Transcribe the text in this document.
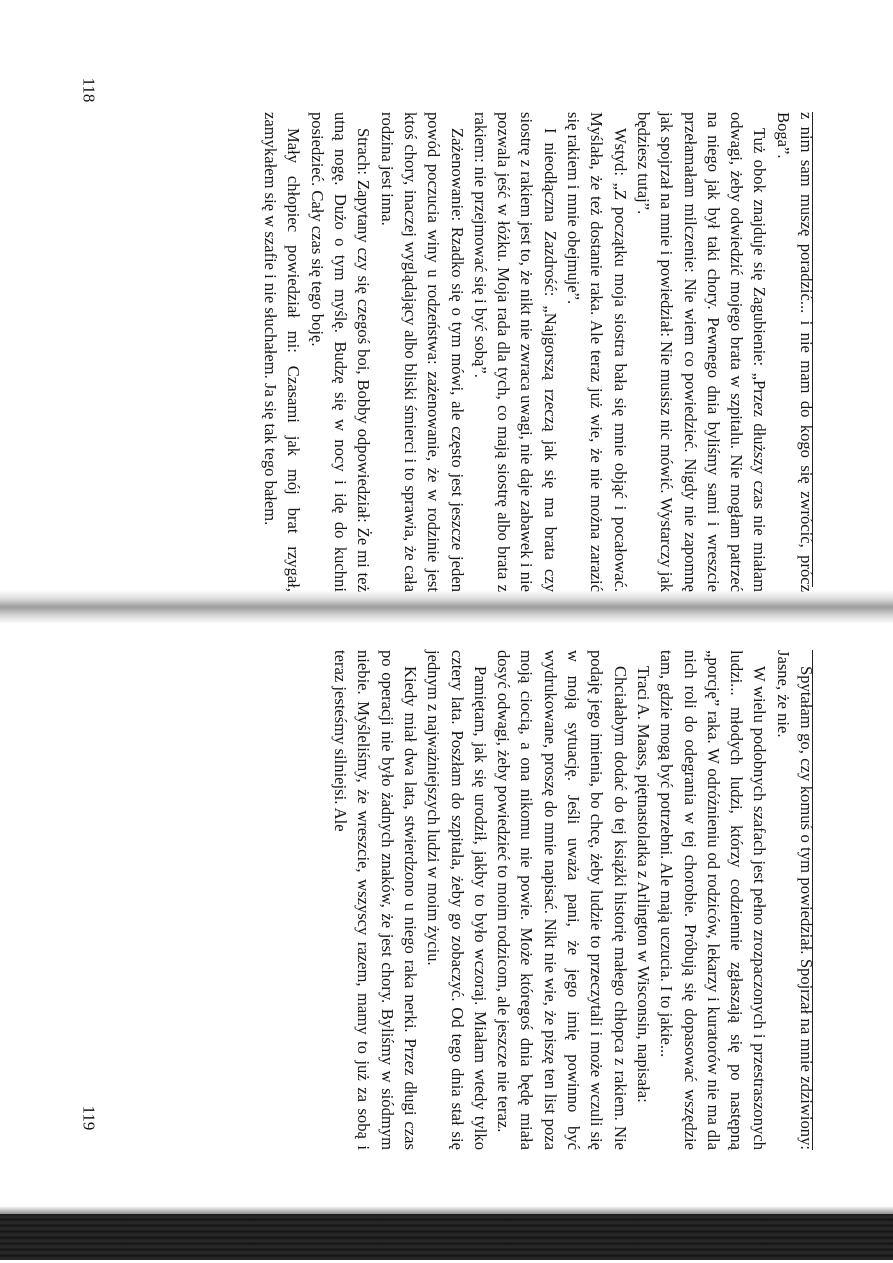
118

z nim sam muszę poradzić... i nie mam do kogo się zwrócić, prócz Boga”.

Tuż obok znajduje się Zagubienie: „Przez dłuższy czas nie miałam odwagi, żeby odwiedzić mojego brata w szpitalu. Nie mogłam patrzeć na niego jak był taki chory. Pewnego dnia byliśmy sami i wreszcie przełamałam milczenie: Nie wiem co powiedzieć. Nigdy nie zapomnę jak spojrzał na mnie i powiedział: Nie musisz nic mówić. Wystarczy jak będziesz tutaj”.

Wstyd: „Z początku moja siostra bała się mnie objąć i pocałować. Myślała, że też dostanie raka. Ale teraz już wie, że nie można zarazić się rakiem i mnie obejmuje”.

I nieodłączna Zazdrość: „Najgorszą rzeczą jak się ma brata czy siostrę z rakiem jest to, że nikt nie zwraca uwagi, nie daje zabawek i nie pozwala jeść w łóżku. Moja rada dla tych, co mają siostrę albo brata z rakiem: nie przejmować się i być sobą”.

Zażenowanie: Rzadko się o tym mówi, ale często jest jeszcze jeden powód poczucia winy u rodzeństwa: zażenowanie, że w rodzinie jest ktoś chory, inaczej wyglądający albo bliski śmierci i to sprawia, że cała rodzina jest inna.

Strach: Zapytany czy się czegoś boi, Bobby odpowiedział: Że mi też utną nogę. Dużo o tym myślę. Budzę się w nocy i idę do kuchni posiedzieć. Cały czas się tego boję.

Mały chłopiec powiedział mi: Czasami jak mój brat rzygał, zamykałem się w szafie i nie słuchałem. Ja się tak tego bałem.

119	Spytałam go, czy komuś o tym powiedział. Spojrzał na mnie zdziwiony: Jasne, że nie.

W wielu podobnych szafach jest pełno zrozpaczonych i przestraszonych ludzi... młodych ludzi, którzy codziennie zgłaszają się po następną „porcję” raka. W odróżnieniu od rodziców, lekarzy i kuratorów nie ma dla nich roli do odegrania w tej chorobie. Próbują się dopasować wszędzie tam, gdzie mogą być potrzebni. Ale mają uczucia. I to jakie...

Traci A. Maass, piętnastolatka z Arlington w Wisconsin, napisała:

Chciałabym dodać do tej książki historię małego chłopca z rakiem. Nie podaję jego imienia, bo chcę, żeby ludzie to przeczytali i może wczuli się w moją sytuację. Jeśli uważa pani, że jego imię powinno być wydrukowane, proszę do mnie napisać. Nikt nie wie, że piszę ten list poza moją ciocią, a ona nikomu nie powie. Może któregoś dnia będę miała dosyć odwagi, żeby powiedzieć to moim rodzicom, ale jeszcze nie teraz.

Pamiętam, jak się urodził, jakby to było wczoraj. Miałam wtedy tylko cztery lata. Poszłam do szpitala, żeby go zobaczyć. Od tego dnia stał się jednym z najważniejszych ludzi w moim życiu.

Kiedy miał dwa lata, stwierdzono u niego raka nerki. Przez długi czas po operacji nie było żadnych znaków, że jest chory. Byliśmy w siódmym niebie. Myśleliśmy, że wreszcie, wszyscy razem, mamy to już za sobą i teraz jesteśmy silniejsi. Ale
